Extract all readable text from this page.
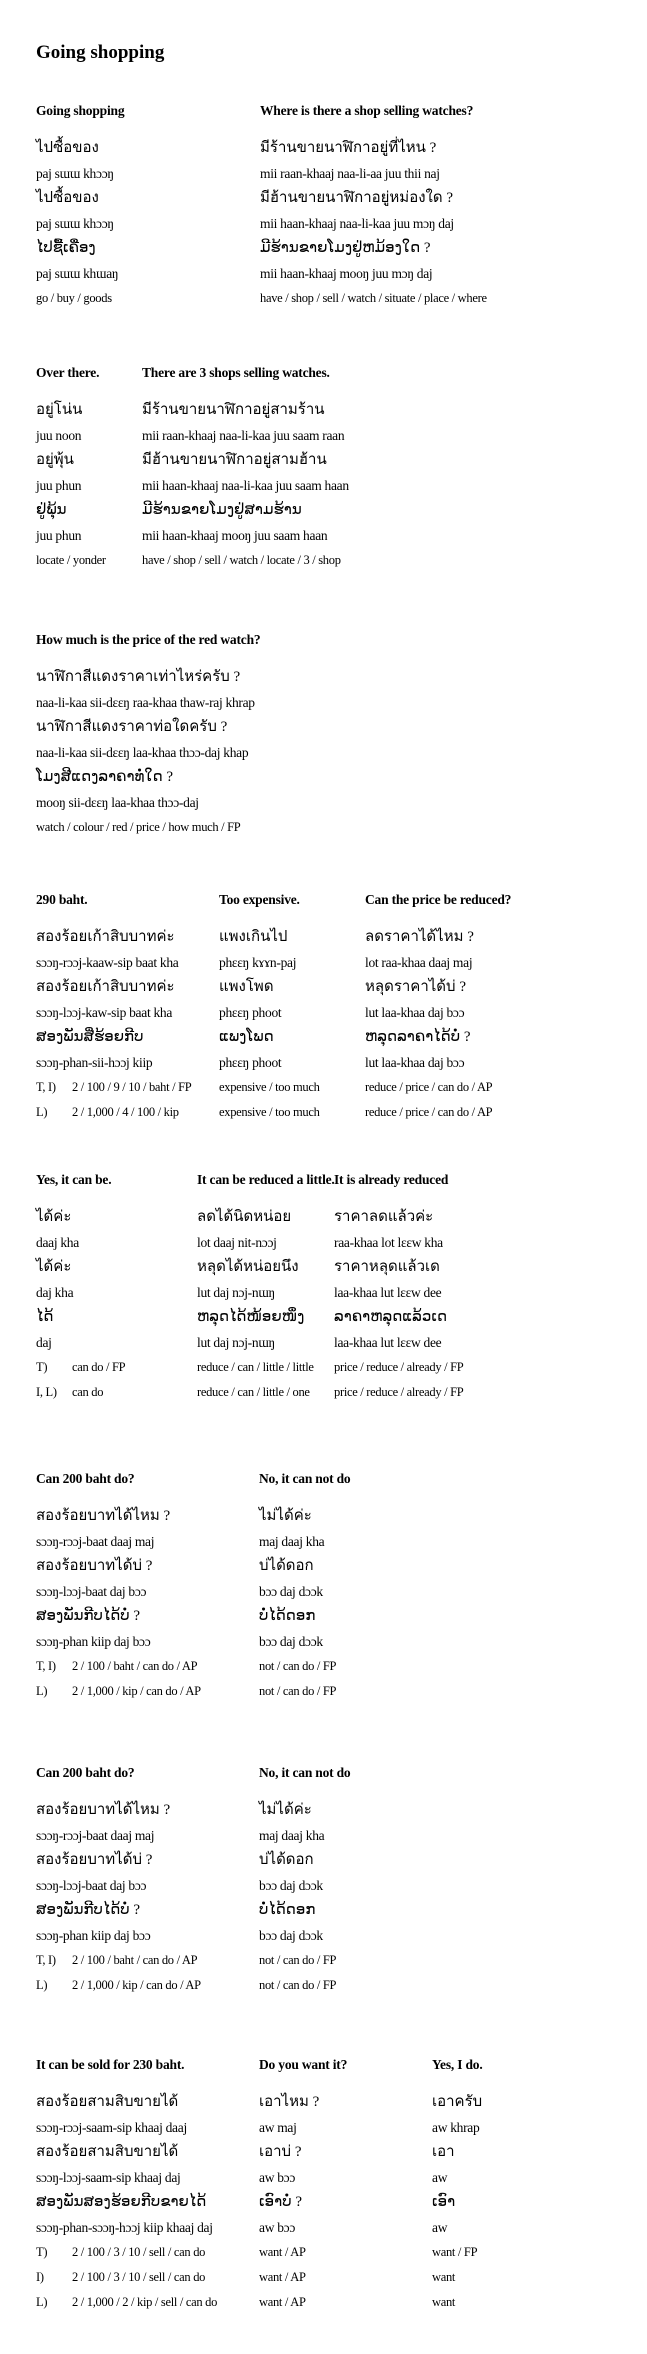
Going shopping
Going shopping
ไปซื้อของ
paj sɯɯ khɔɔŋ
ไปซื้อของ
paj sɯɯ khɔɔŋ
ໄປຊື້ເຄື່ອງ
paj sɯɯ khɯaŋ
go / buy / goods
Where is there a shop selling watches?
มีร้านขายนาฬิกาอยู่ที่ไหน ?
mii raan-khaaj naa-li-aa juu thii naj
มีฮ้านขายนาฬิกาอยู่หม่องใด ?
mii haan-khaaj naa-li-kaa juu mɔŋ daj
ມີຮ້ານຂາຍໂມງຢູ່ຫມ້ອງໃດ ?
mii haan-khaaj mooŋ juu mɔŋ daj
have / shop / sell / watch / situate / place / where
Over there.
อยู่โน่น
juu noon
อยู่พุ้น
juu phun
ຢູ່ພຸ້ນ
juu phun
locate / yonder
There are 3 shops selling watches.
มีร้านขายนาฬิกาอยู่สามร้าน
mii raan-khaaj naa-li-kaa juu saam raan
มีฮ้านขายนาฬิกาอยู่สามฮ้าน
mii haan-khaaj naa-li-kaa juu saam haan
ມີຮ້ານຂາຍໂມງຢູ່ສາມຮ້ານ
mii haan-khaaj mooŋ juu saam haan
have / shop / sell / watch / locate / 3 / shop
How much is the price of the red watch?
นาฬิกาสีแดงราคาเท่าไหร่ครับ ?
naa-li-kaa sii-dɛɛŋ raa-khaa thaw-raj khrap
นาฬิกาสีแดงราคาท่อใดครับ ?
naa-li-kaa sii-dɛɛŋ laa-khaa thɔɔ-daj khap
ໂມງສີແດງລາຄາທໍ່ໃດ ?
mooŋ sii-dɛɛŋ laa-khaa thɔɔ-daj
watch / colour / red / price / how much / FP
290 baht.
สองร้อยเก้าสิบบาทค่ะ
sɔɔŋ-rɔɔj-kaaw-sip baat kha
สองร้อยเก้าสิบบาทค่ะ
sɔɔŋ-lɔɔj-kaw-sip baat kha
ສອງພັນສີ່ຮ້ອຍກີບ
sɔɔŋ-phan-sii-hɔɔj kiip
T, I) 2 / 100 / 9 / 10 / baht / FP
L) 2 / 1,000 / 4 / 100 / kip
Too expensive.
แพงเกินไป
phɛɛŋ kɤɤn-paj
แพงโพด
phɛɛŋ phoot
ແພງໂພດ
phɛɛŋ phoot
expensive / too much
expensive / too much
Can the price be reduced?
ลดราคาได้ไหม ?
lot raa-khaa daaj maj
หลุดราคาได้บ่ ?
lut laa-khaa daj bɔɔ
ຫລຸດລາຄາໄດ້ບໍ່ ?
lut laa-khaa daj bɔɔ
reduce / price / can do / AP
reduce / price / can do / AP
Yes, it can be.
ได้ค่ะ
daaj kha
ได้ค่ะ
daj kha
ໄດ້
daj
T) can do / FP
I, L) can do
It can be reduced a little.
ลดได้นิดหน่อย
lot daaj nit-nɔɔj
หลุดได้หน่อยนึง
lut daj nɔj-nɯŋ
ຫລຸດໄດ້ໜ້ອຍໜຶ່ງ
lut daj nɔj-nɯŋ
reduce / can / little / little
reduce / can / little / one
It is already reduced
ราคาลดแล้วค่ะ
raa-khaa lot lɛɛw kha
ราคาหลุดแล้วเด
laa-khaa lut lɛɛw dee
ລາຄາຫລຸດແລ້ວເດ
laa-khaa lut lɛɛw dee
price / reduce / already / FP
price / reduce / already / FP
Can 200 baht do?
สองร้อยบาทได้ไหม ?
sɔɔŋ-rɔɔj-baat daaj maj
สองร้อยบาทได้บ่ ?
sɔɔŋ-lɔɔj-baat daj bɔɔ
ສອງພັນກີບໄດ້ບໍ່ ?
sɔɔŋ-phan kiip daj bɔɔ
T, I) 2 / 100 / baht / can do / AP
L) 2 / 1,000 / kip / can do / AP
No, it can not do
ไม่ได้ค่ะ
maj daaj kha
บ่ได้ดอก
bɔɔ daj dɔɔk
ບໍ່ໄດ້ດອກ
bɔɔ daj dɔɔk
not / can do / FP
not / can do / FP
Can 200 baht do?
สองร้อยบาทได้ไหม ?
sɔɔŋ-rɔɔj-baat daaj maj
สองร้อยบาทได้บ่ ?
sɔɔŋ-lɔɔj-baat daj bɔɔ
ສອງພັນກີບໄດ້ບໍ່ ?
sɔɔŋ-phan kiip daj bɔɔ
T, I) 2 / 100 / baht / can do / AP
L) 2 / 1,000 / kip / can do / AP
No, it can not do
ไม่ได้ค่ะ
maj daaj kha
บ่ได้ดอก
bɔɔ daj dɔɔk
ບໍ່ໄດ້ດອກ
bɔɔ daj dɔɔk
not / can do / FP
not / can do / FP
It can be sold for 230 baht.
สองร้อยสามสิบขายได้
sɔɔŋ-rɔɔj-saam-sip khaaj daaj
สองร้อยสามสิบขายได้
sɔɔŋ-lɔɔj-saam-sip khaaj daj
ສອງພັນສອງຮ້ອຍກີບຂາຍໄດ້
sɔɔŋ-phan-sɔɔŋ-hɔɔj kiip khaaj daj
T) 2 / 100 / 3 / 10 / sell / can do
I) 2 / 100 / 3 / 10 / sell / can do
L) 2 / 1,000 / 2 / kip / sell / can do
Do you want it?
เอาไหม ?
aw maj
เอาบ่ ?
aw bɔɔ
ເອົາບໍ່ ?
aw bɔɔ
want / AP
want / AP
want / AP
Yes, I do.
เอาครับ
aw khrap
เอา
aw
ເອົາ
aw
want / FP
want
want
